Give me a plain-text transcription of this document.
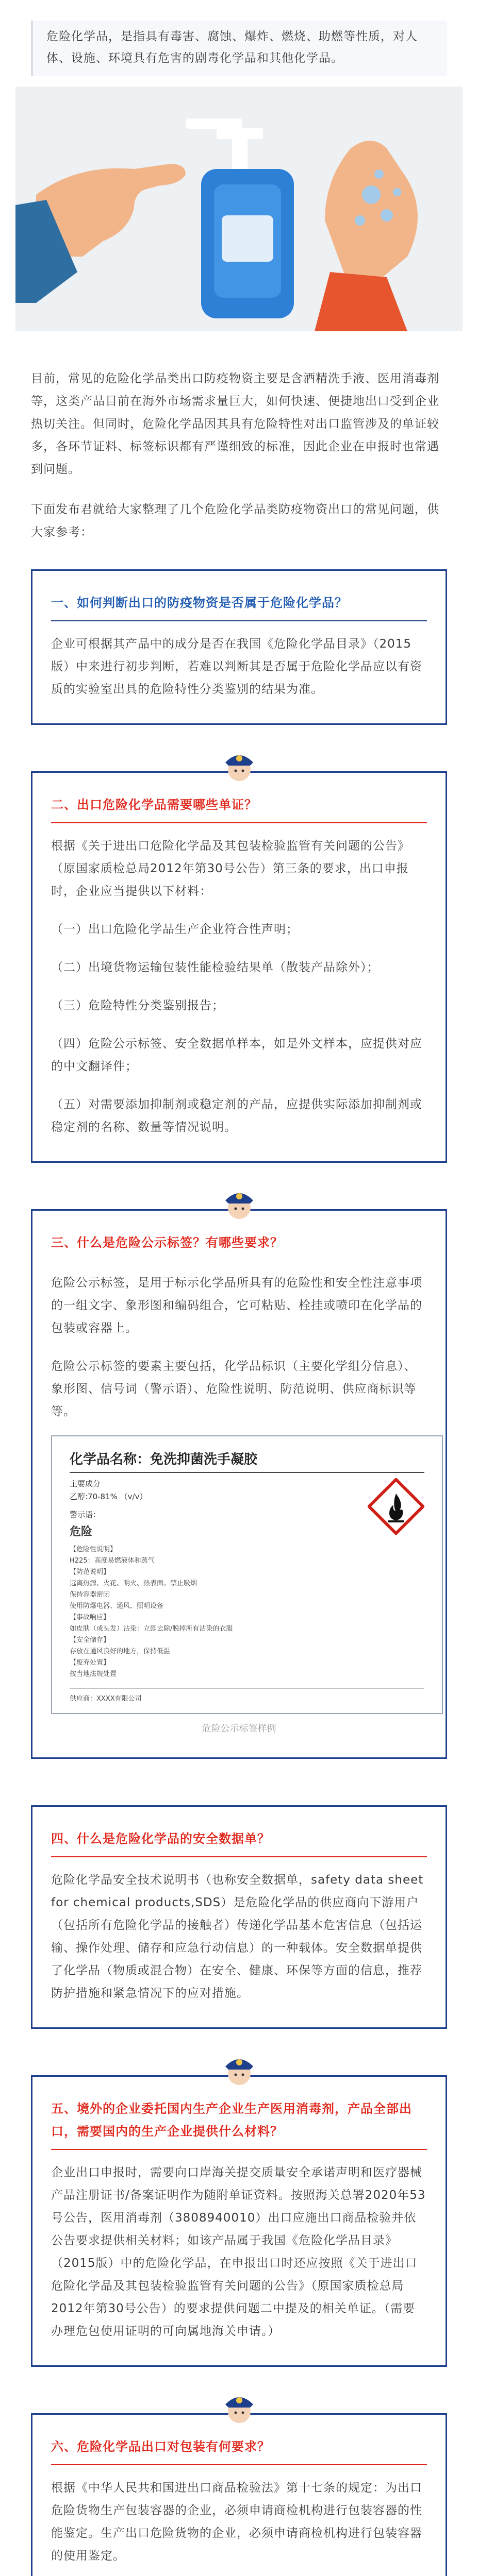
危险化学品，是指具有毒害、腐蚀、爆炸、燃烧、助燃等性质，对人体、设施、环境具有危害的剧毒化学品和其他化学品。

目前，常见的危险化学品类出口防疫物资主要是含酒精洗手液、医用消毒剂等，这类产品目前在海外市场需求量巨大，如何快速、便捷地出口受到企业热切关注。但同时，危险化学品因其具有危险特性对出口监管涉及的单证较多，各环节证料、标签标识都有严谨细致的标准，因此企业在申报时也常遇到问题。

下面发布君就给大家整理了几个危险化学品类防疫物资出口的常见问题，供大家参考：

一、如何判断出口的防疫物资是否属于危险化学品？

企业可根据其产品中的成分是否在我国《危险化学品目录》（2015版）中来进行初步判断，若难以判断其是否属于危险化学品应以有资质的实验室出具的危险特性分类鉴别的结果为准。

二、出口危险化学品需要哪些单证？

根据《关于进出口危险化学品及其包装检验监管有关问题的公告》（原国家质检总局2012年第30号公告）第三条的要求，出口申报时，企业应当提供以下材料：

（一）出口危险化学品生产企业符合性声明；

（二）出境货物运输包装性能检验结果单（散装产品除外）；

（三）危险特性分类鉴别报告；

（四）危险公示标签、安全数据单样本，如是外文样本，应提供对应的中文翻译件；

（五）对需要添加抑制剂或稳定剂的产品，应提供实际添加抑制剂或稳定剂的名称、数量等情况说明。

三、什么是危险公示标签？有哪些要求？

危险公示标签，是用于标示化学品所具有的危险性和安全性注意事项的一组文字、象形图和编码组合，它可粘贴、栓挂或喷印在化学品的包装或容器上。

危险公示标签的要素主要包括，化学品标识（主要化学组分信息）、象形图、信号词（警示语）、危险性说明、防范说明、供应商标识等等。

化学品名称：免洗抑菌洗手凝胶
主要成分
乙醇:70-81% （v/v）
警示语：
危险
【危险性说明】
H225：高度易燃液体和蒸气
【防范说明】
远离热源、火花、明火、热表面。禁止吸烟
保持容器密闭
使用防爆电器、通风、照明设备
【事故响应】
如皮肤（或头发）沾染：立即去除/脱掉所有沾染的衣服
【安全储存】
存放在通风良好的地方，保持低温
【废弃处置】
按当地法规处置
供应商：XXXX有限公司
危险公示标签样例
四、什么是危险化学品的安全数据单？

危险化学品安全技术说明书（也称安全数据单，safety data sheet for chemical products,SDS）是危险化学品的供应商向下游用户（包括所有危险化学品的接触者）传递化学品基本危害信息（包括运输、操作处理、储存和应急行动信息）的一种载体。安全数据单提供了化学品（物质或混合物）在安全、健康、环保等方面的信息，推荐防护措施和紧急情况下的应对措施。

五、境外的企业委托国内生产企业生产医用消毒剂，产品全部出口，需要国内的生产企业提供什么材料？

企业出口申报时，需要向口岸海关提交质量安全承诺声明和医疗器械产品注册证书/备案证明作为随附单证资料。按照海关总署2020年53号公告，医用消毒剂（3808940010）出口应施出口商品检验并依公告要求提供相关材料；如该产品属于我国《危险化学品目录》（2015版）中的危险化学品，在申报出口时还应按照《关于进出口危险化学品及其包装检验监管有关问题的公告》（原国家质检总局2012年第30号公告）的要求提供问题二中提及的相关单证。（需要办理危包使用证明的可向属地海关申请。）

六、危险化学品出口对包装有何要求？

根据《中华人民共和国进出口商品检验法》第十七条的规定：为出口危险货物生产包装容器的企业，必须申请商检机构进行包装容器的性能鉴定。生产出口危险货物的企业，必须申请商检机构进行包装容器的使用鉴定。
